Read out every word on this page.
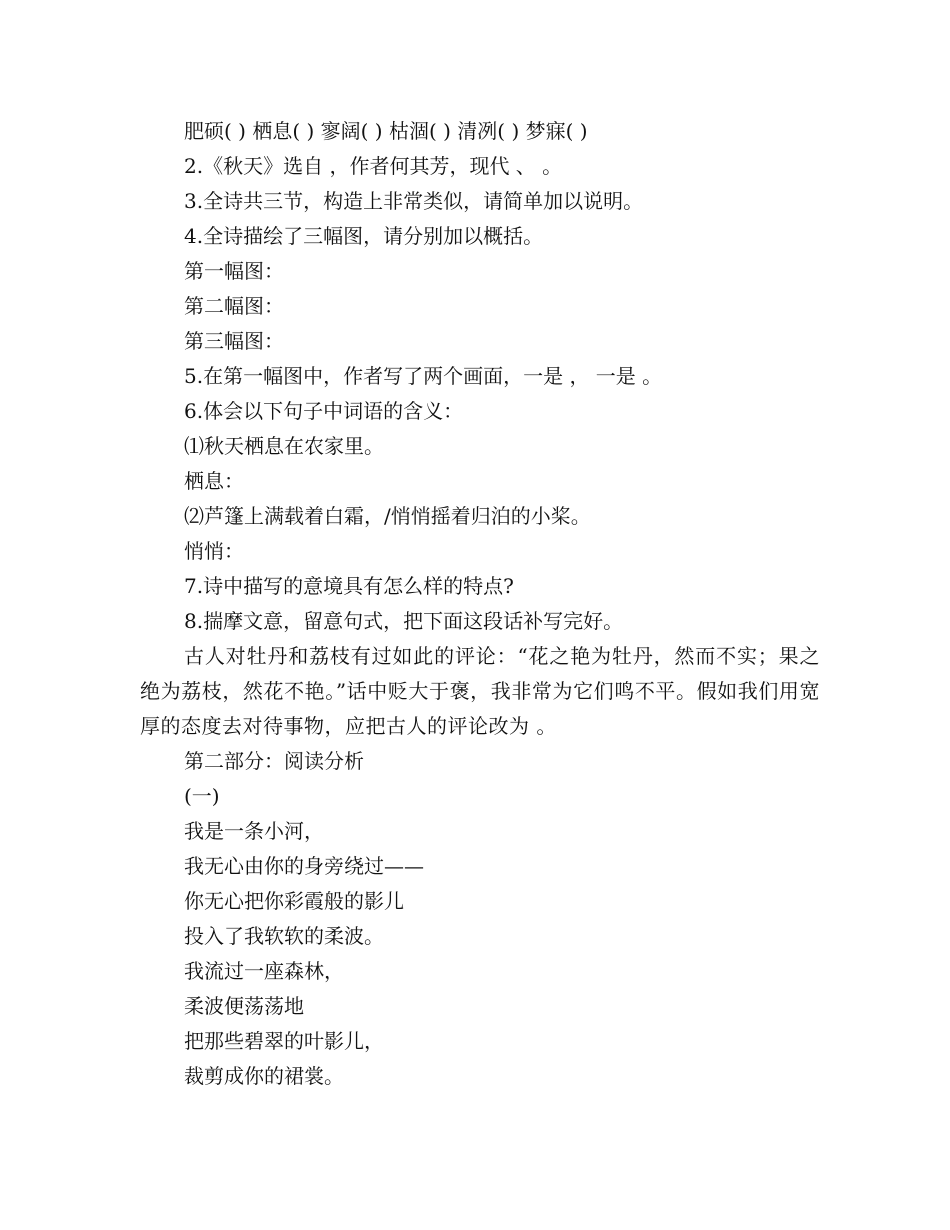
肥硕( ) 栖息( ) 寥阔( ) 枯涸( ) 清冽( ) 梦寐( )
2.《秋天》选自 ，作者何其芳，现代 、 。
3.全诗共三节，构造上非常类似，请简单加以说明。
4.全诗描绘了三幅图，请分别加以概括。
第一幅图：
第二幅图：
第三幅图：
5.在第一幅图中，作者写了两个画面，一是 ， 一是 。
6.体会以下句子中词语的含义：
⑴秋天栖息在农家里。
栖息：
⑵芦篷上满载着白霜，/悄悄摇着归泊的小桨。
悄悄：
7.诗中描写的意境具有怎么样的特点?
8.揣摩文意，留意句式，把下面这段话补写完好。
古人对牡丹和荔枝有过如此的评论：“花之艳为牡丹，然而不实；果之绝为荔枝，然花不艳。”话中贬大于褒，我非常为它们鸣不平。假如我们用宽厚的态度去对待事物，应把古人的评论改为 。
第二部分：阅读分析
(一)
我是一条小河，
我无心由你的身旁绕过——
你无心把你彩霞般的影儿
投入了我软软的柔波。
我流过一座森林，
柔波便荡荡地
把那些碧翠的叶影儿，
裁剪成你的裙裳。
